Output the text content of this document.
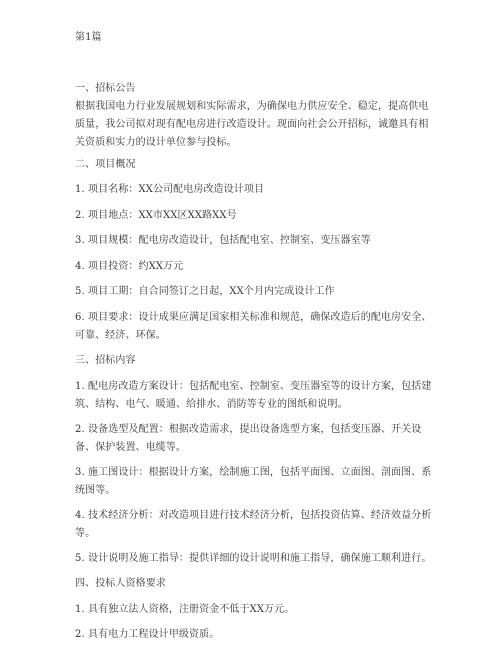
第1篇
一、招标公告
根据我国电力行业发展规划和实际需求，为确保电力供应安全、稳定，提高供电质量，我公司拟对现有配电房进行改造设计。现面向社会公开招标，诚邀具有相关资质和实力的设计单位参与投标。
二、项目概况
1. 项目名称：XX公司配电房改造设计项目
2. 项目地点：XX市XX区XX路XX号
3. 项目规模：配电房改造设计，包括配电室、控制室、变压器室等
4. 项目投资：约XX万元
5. 项目工期：自合同签订之日起，XX个月内完成设计工作
6. 项目要求：设计成果应满足国家相关标准和规范，确保改造后的配电房安全、可靠、经济、环保。
三、招标内容
1. 配电房改造方案设计：包括配电室、控制室、变压器室等的设计方案，包括建筑、结构、电气、暖通、给排水、消防等专业的图纸和说明。
2. 设备选型及配置：根据改造需求，提出设备选型方案，包括变压器、开关设备、保护装置、电缆等。
3. 施工图设计：根据设计方案，绘制施工图，包括平面图、立面图、剖面图、系统图等。
4. 技术经济分析：对改造项目进行技术经济分析，包括投资估算、经济效益分析等。
5. 设计说明及施工指导：提供详细的设计说明和施工指导，确保施工顺利进行。
四、投标人资格要求
1. 具有独立法人资格，注册资金不低于XX万元。
2. 具有电力工程设计甲级资质。
